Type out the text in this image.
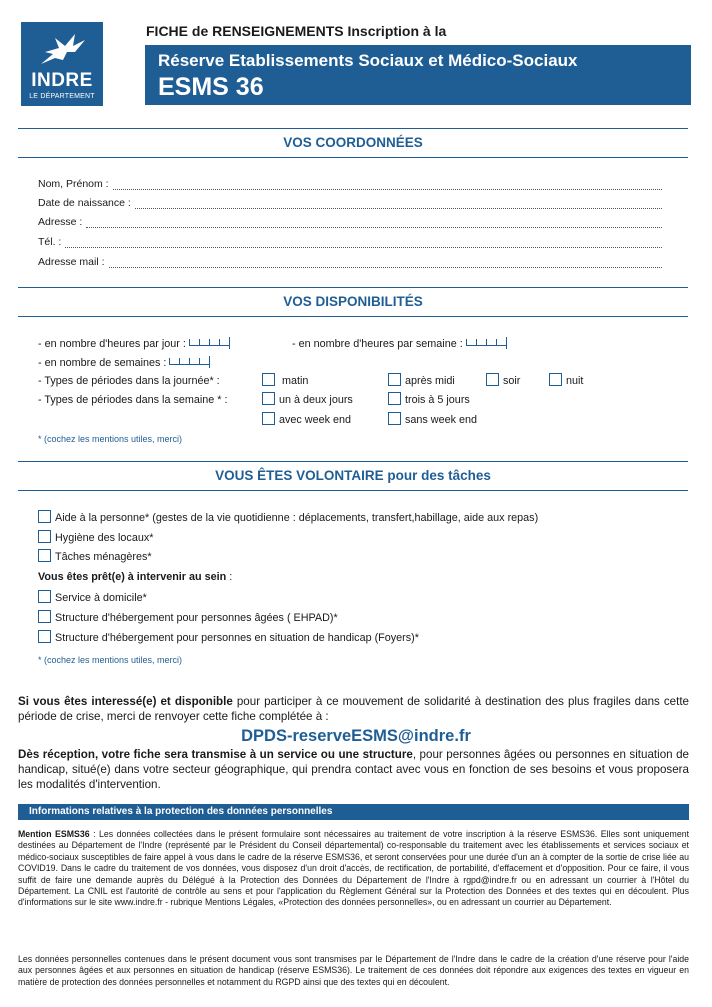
INDRE
LE DÉPARTEMENT
FICHE de RENSEIGNEMENTS Inscription à la
Réserve Etablissements Sociaux et Médico-Sociaux
ESMS 36
VOS COORDONNÉES
Nom, Prénom :
Date de naissance :
Adresse :
Tél. :
Adresse mail :
VOS DISPONIBILITÉS
- en nombre d'heures par jour :	- en nombre d'heures par semaine :
- en nombre de semaines :
- Types de périodes dans la journée* :	matin	après midi	soir	nuit
- Types de périodes dans la semaine * :	un à deux jours	trois à 5 jours
avec week end	sans week end
* (cochez les mentions utiles, merci)
VOUS ÊTES VOLONTAIRE pour des tâches
Aide à la personne* (gestes de la vie quotidienne : déplacements, transfert,habillage, aide aux repas)
Hygiène des locaux*
Tâches ménagères*
Vous êtes prêt(e) à intervenir au sein :
Service à domicile*
Structure d'hébergement pour personnes âgées ( EHPAD)*
Structure d'hébergement pour personnes en situation de handicap (Foyers)*
* (cochez les mentions utiles, merci)
Si vous êtes interessé(e) et disponible pour participer à ce mouvement de solidarité à destination des plus fragiles dans cette période de crise, merci de renvoyer cette fiche complétée à :
DPDS-reserveESMS@indre.fr
Dès réception, votre fiche sera transmise à un service ou une structure, pour personnes âgées ou personnes en situation de handicap, situé(e) dans votre secteur géographique, qui prendra contact avec vous en fonction de ses besoins et vous proposera les modalités d'intervention.
Informations relatives à la protection des données personnelles
Mention ESMS36 : Les données collectées dans le présent formulaire sont nécessaires au traitement de votre inscription à la réserve ESMS36. Elles sont uniquement destinées au Département de l'Indre (représenté par le Président du Conseil départemental) co-responsable du traitement avec les établissements et services sociaux et médico-sociaux susceptibles de faire appel à vous dans le cadre de la réserve ESMS36, et seront conservées pour une durée d'un an à compter de la sortie de crise liée au COVID19. Dans le cadre du traitement de vos données, vous disposez d'un droit d'accès, de rectification, de portabilité, d'effacement et d'opposition. Pour ce faire, il vous suffit de faire une demande auprès du Délégué à la Protection des Données du Département de l'Indre à rgpd@indre.fr ou en adressant un courrier à l'Hôtel du Département. La CNIL est l'autorité de contrôle au sens et pour l'application du Règlement Général sur la Protection des Données et des textes qui en découlent. Plus d'informations sur le site www.indre.fr - rubrique Mentions Légales, «Protection des données personnelles», ou en adressant un courrier au Département.
Les données personnelles contenues dans le présent document vous sont transmises par le Département de l'Indre dans le cadre de la création d'une réserve pour l'aide aux personnes âgées et aux personnes en situation de handicap (réserve ESMS36). Le traitement de ces données doit répondre aux exigences des textes en vigueur en matière de protection des données personnelles et notamment du RGPD ainsi que des textes qui en découlent.
